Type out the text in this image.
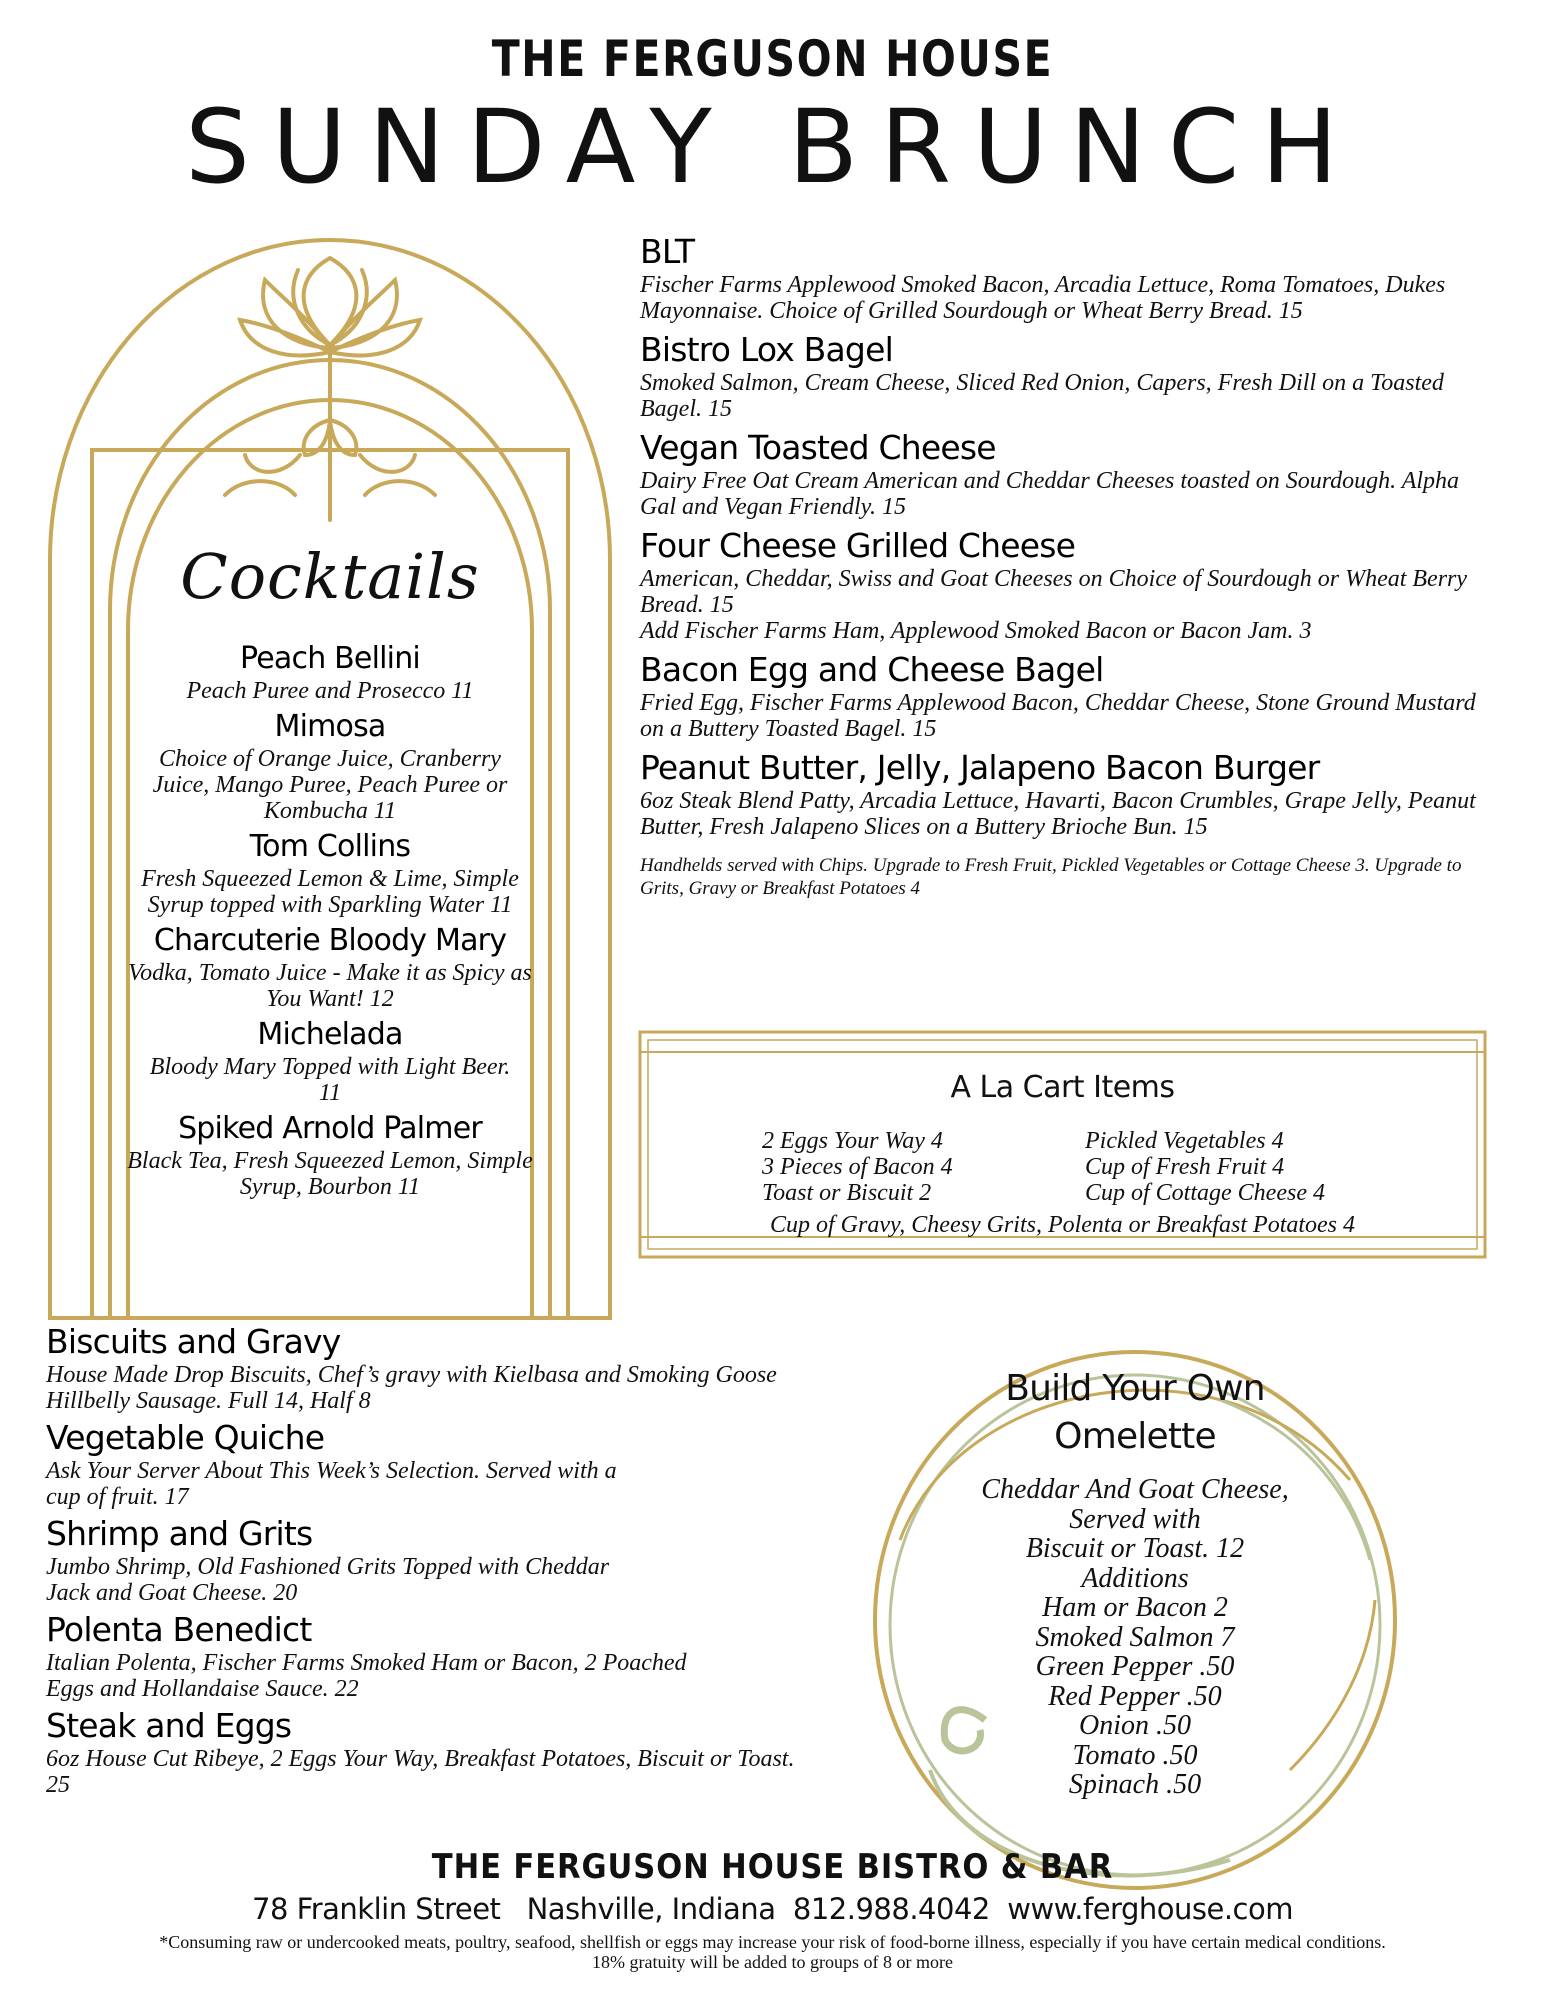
THE FERGUSON HOUSE
SUNDAY BRUNCH
BLT
Fischer Farms Applewood Smoked Bacon, Arcadia Lettuce, Roma Tomatoes, Dukes Mayonnaise. Choice of Grilled Sourdough or Wheat Berry Bread. 15
Bistro Lox Bagel
Smoked Salmon, Cream Cheese, Sliced Red Onion, Capers, Fresh Dill on a Toasted Bagel. 15
Vegan Toasted Cheese
Dairy Free Oat Cream American and Cheddar Cheeses toasted on Sourdough. Alpha Gal and Vegan Friendly. 15
Four Cheese Grilled Cheese
American, Cheddar, Swiss and Goat Cheeses on Choice of Sourdough or Wheat Berry Bread. 15
Add Fischer Farms Ham, Applewood Smoked Bacon or Bacon Jam. 3
Bacon Egg and Cheese Bagel
Fried Egg, Fischer Farms Applewood Bacon, Cheddar Cheese, Stone Ground Mustard on a Buttery Toasted Bagel. 15
Peanut Butter, Jelly, Jalapeno Bacon Burger
6oz Steak Blend Patty, Arcadia Lettuce, Havarti, Bacon Crumbles, Grape Jelly, Peanut Butter, Fresh Jalapeno Slices on a Buttery Brioche Bun. 15
Handhelds served with Chips. Upgrade to Fresh Fruit, Pickled Vegetables or Cottage Cheese 3. Upgrade to Grits, Gravy or Breakfast Potatoes 4
Cocktails
Peach Bellini
Peach Puree and Prosecco 11
Mimosa
Choice of Orange Juice, Cranberry Juice, Mango Puree, Peach Puree or Kombucha 11
Tom Collins
Fresh Squeezed Lemon & Lime, Simple Syrup topped with Sparkling Water 11
Charcuterie Bloody Mary
Vodka, Tomato Juice - Make it as Spicy as You Want! 12
Michelada
Bloody Mary Topped with Light Beer. 11
Spiked Arnold Palmer
Black Tea, Fresh Squeezed Lemon, Simple Syrup, Bourbon 11
A La Cart Items
2 Eggs Your Way 4
3 Pieces of Bacon 4
Toast or Biscuit 2
Pickled Vegetables 4
Cup of Fresh Fruit 4
Cup of Cottage Cheese 4
Cup of Gravy, Cheesy Grits, Polenta or Breakfast Potatoes 4
Biscuits and Gravy
House Made Drop Biscuits, Chef’s gravy with Kielbasa and Smoking Goose Hillbelly Sausage. Full 14, Half 8
Vegetable Quiche
Ask Your Server About This Week’s Selection. Served with a cup of fruit. 17
Shrimp and Grits
Jumbo Shrimp, Old Fashioned Grits Topped with Cheddar Jack and Goat Cheese. 20
Polenta Benedict
Italian Polenta, Fischer Farms Smoked Ham or Bacon, 2 Poached Eggs and Hollandaise Sauce. 22
Steak and Eggs
6oz House Cut Ribeye, 2 Eggs Your Way, Breakfast Potatoes, Biscuit or Toast. 25
Build Your Own
Omelette
Cheddar And Goat Cheese,
Served with
Biscuit or Toast. 12
Additions
Ham or Bacon 2
Smoked Salmon 7
Green Pepper .50
Red Pepper .50
Onion .50
Tomato .50
Spinach .50
THE FERGUSON HOUSE BISTRO & BAR
78 Franklin Street   Nashville, Indiana  812.988.4042  www.ferghouse.com
*Consuming raw or undercooked meats, poultry, seafood, shellfish or eggs may increase your risk of food-borne illness, especially if you have certain medical conditions.
18% gratuity will be added to groups of 8 or more
